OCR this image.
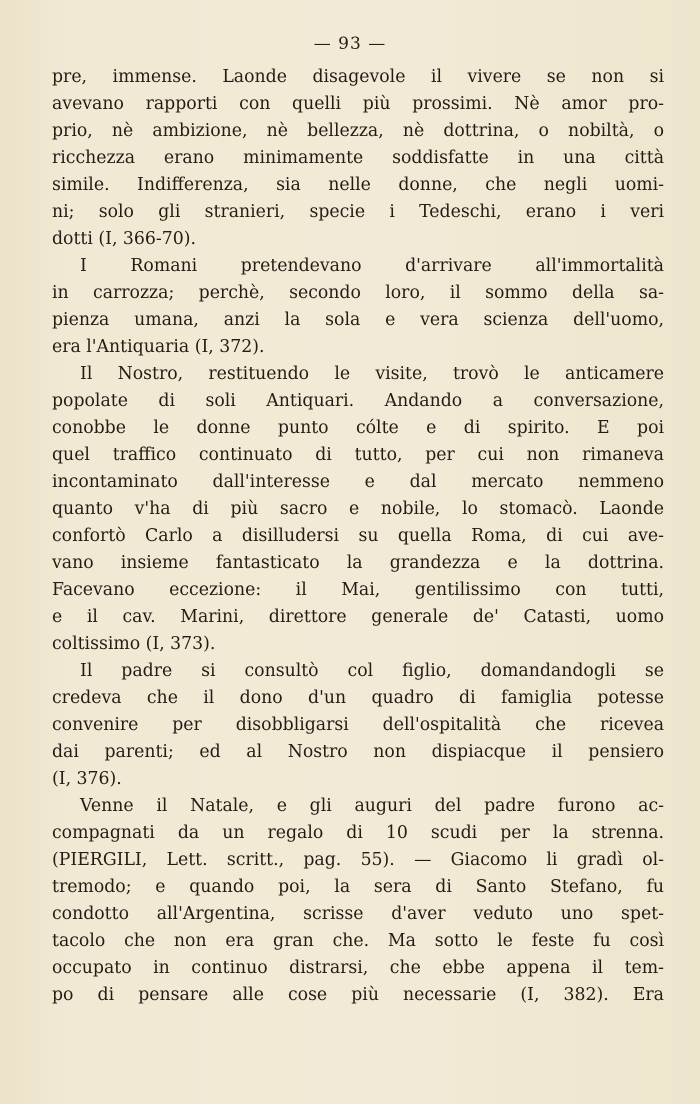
— 93 —

pre, immense. Laonde disagevole il vivere se non si
avevano rapporti con quelli più prossimi. Nè amor pro-
prio, nè ambizione, nè bellezza, nè dottrina, o nobiltà, o
ricchezza erano minimamente soddisfatte in una città
simile. Indifferenza, sia nelle donne, che negli uomi-
ni; solo gli stranieri, specie i Tedeschi, erano i veri
dotti (I, 366-70).

I Romani pretendevano d'arrivare all'immortalità
in carrozza; perchè, secondo loro, il sommo della sa-
pienza umana, anzi la sola e vera scienza dell'uomo,
era l'Antiquaria (I, 372).

Il Nostro, restituendo le visite, trovò le anticamere
popolate di soli Antiquari. Andando a conversazione,
conobbe le donne punto cólte e di spirito. E poi
quel traffico continuato di tutto, per cui non rimaneva
incontaminato dall'interesse e dal mercato nemmeno
quanto v'ha di più sacro e nobile, lo stomacò. Laonde
confortò Carlo a disilludersi su quella Roma, di cui ave-
vano insieme fantasticato la grandezza e la dottrina.
Facevano eccezione: il Mai, gentilissimo con tutti,
e il cav. Marini, direttore generale de' Catasti, uomo
coltissimo (I, 373).

Il padre si consultò col figlio, domandandogli se
credeva che il dono d'un quadro di famiglia potesse
convenire per disobbligarsi dell'ospitalità che ricevea
dai parenti; ed al Nostro non dispiacque il pensiero
(I, 376).

Venne il Natale, e gli auguri del padre furono ac-
compagnati da un regalo di 10 scudi per la strenna.
(PIERGILI, Lett. scritt., pag. 55). — Giacomo li gradì ol-
tremodo; e quando poi, la sera di Santo Stefano, fu
condotto all'Argentina, scrisse d'aver veduto uno spet-
tacolo che non era gran che. Ma sotto le feste fu così
occupato in continuo distrarsi, che ebbe appena il tem-
po di pensare alle cose più necessarie (I, 382). Era
